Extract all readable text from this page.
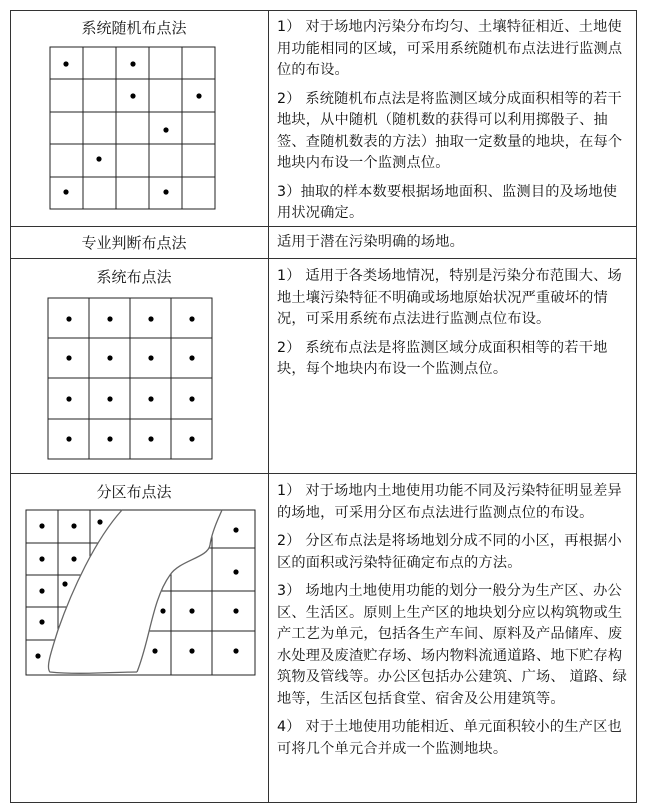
系统随机布点法	1） 对于场地内污染分布均匀、土壤特征相近、土地使用功能相同的区域，可采用系统随机布点法进行监测点位的布设。

2） 系统随机布点法是将监测区域分成面积相等的若干地块，从中随机（随机数的获得可以利用掷骰子、抽签、查随机数表的方法）抽取一定数量的地块，在每个地块内布设一个监测点位。

3）抽取的样本数要根据场地面积、监测目的及场地使用状况确定。

专业判断布点法	适用于潜在污染明确的场地。

系统布点法	1） 适用于各类场地情况，特别是污染分布范围大、场地土壤污染特征不明确或场地原始状况严重破坏的情况，可采用系统布点法进行监测点位布设。

2） 系统布点法是将监测区域分成面积相等的若干地块，每个地块内布设一个监测点位。

分区布点法	1） 对于场地内土地使用功能不同及污染特征明显差异的场地，可采用分区布点法进行监测点位的布设。

2） 分区布点法是将场地划分成不同的小区，再根据小区的面积或污染特征确定布点的方法。

3） 场地内土地使用功能的划分一般分为生产区、办公区、生活区。原则上生产区的地块划分应以构筑物或生产工艺为单元，包括各生产车间、原料及产品储库、废水处理及废渣贮存场、场内物料流通道路、地下贮存构筑物及管线等。办公区包括办公建筑、广场、 道路、绿地等，生活区包括食堂、宿舍及公用建筑等。

4） 对于土地使用功能相近、单元面积较小的生产区也可将几个单元合并成一个监测地块。
